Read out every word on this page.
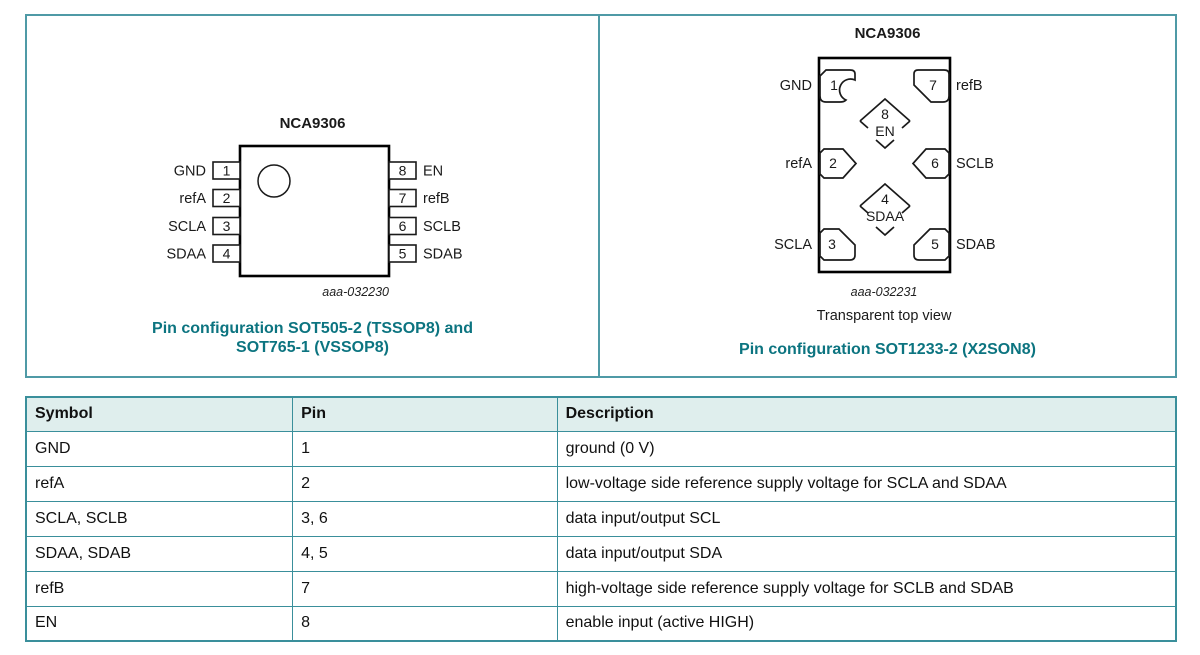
NCA9306
1
2
3
4
8
7
6
5
GND
refA
SCLA
SDAA
EN
refB
SCLB
SDAB
aaa-032230
Pin configuration SOT505-2 (TSSOP8) and
SOT765-1 (VSSOP8)
NCA9306
1
2
3
7
6
5
8
EN
4
SDAA
GND
refA
SCLA
refB
SCLB
SDAB
aaa-032231
Transparent top view
Pin configuration SOT1233-2 (X2SON8)
Symbol	Pin	Description
GND	1	ground (0 V)
refA	2	low-voltage side reference supply voltage for SCLA and SDAA
SCLA, SCLB	3, 6	data input/output SCL
SDAA, SDAB	4, 5	data input/output SDA
refB	7	high-voltage side reference supply voltage for SCLB and SDAB
EN	8	enable input (active HIGH)
